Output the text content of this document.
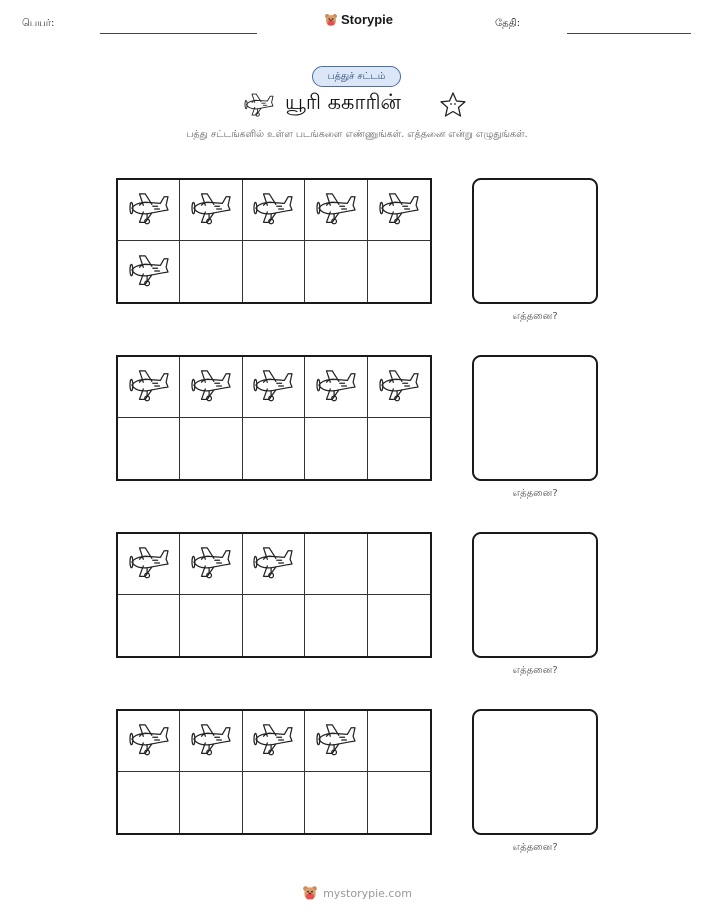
பெயர்:	Storypie	தேதி:
பத்துச் சட்டம்
யூரி ககாரின்
பத்து சட்டங்களில் உள்ள படங்களை எண்ணுங்கள். எத்தனை என்று எழுதுங்கள்.
எத்தனை?
எத்தனை?
எத்தனை?
எத்தனை?
mystorypie.com
